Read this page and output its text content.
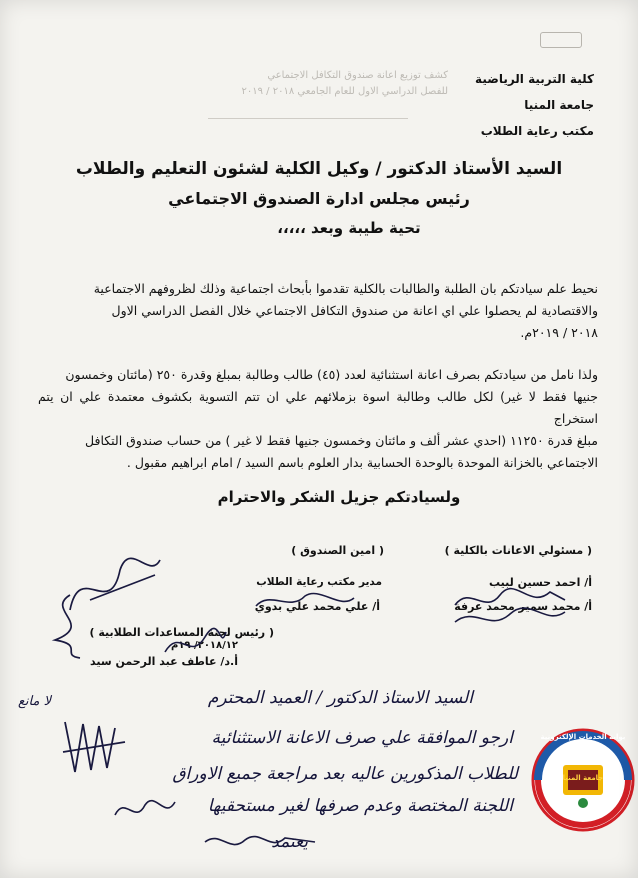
كشف توزيع اعانة صندوق التكافل الاجتماعي
للفصل الدراسي الاول للعام الجامعي ٢٠١٨ / ٢٠١٩
كلية التربية الرياضية
جامعة المنيا
مكتب رعاية الطلاب
السيد الأستاذ الدكتور / وكيل الكلية لشئون التعليم والطلاب
رئيس مجلس ادارة الصندوق الاجتماعي
تحية طيبة وبعد ،،،،،

نحيط علم سيادتكم بان الطلبة والطالبات بالكلية تقدموا بأبحاث اجتماعية وذلك لظروفهم الاجتماعية

والاقتصادية لم يحصلوا علي اي اعانة من صندوق التكافل الاجتماعي خلال الفصل الدراسي الاول

٢٠١٨ / ٢٠١٩م.

ولذا نامل من سيادتكم بصرف اعانة استثنائية لعدد (٤٥) طالب وطالبة بمبلغ وقدرة ٢٥٠ (مائتان وخمسون

جنيها فقط لا غير) لكل طالب وطالبة اسوة بزملائهم علي ان تتم التسوية بكشوف معتمدة علي ان يتم استخراج

مبلغ قدرة ١١٢٥٠ (احدي عشر ألف و مائتان وخمسون جنيها فقط لا غير ) من حساب صندوق التكافل

الاجتماعي بالخزانة الموحدة بالوحدة الحسابية بدار العلوم باسم السيد / امام ابراهيم مقبول .

ولسيادتكم جزيل الشكر والاحترام
( مسئولي الاعانات بالكلية )
( امين الصندوق )
أ/ احمد حسين لبيب
مدير مكتب رعاية الطلاب
أ/ محمد سمير محمد عرفة
أ/ علي محمد علي بدوي
( رئيس لجنة المساعدات الطلابية )
٢٠١٨/١٢/ ١٩م
أ.د/ عاطف عبد الرحمن سيد
السيد الاستاذ الدكتور / العميد المحترم
ارجو الموافقة علي صرف الاعانة الاستثنائية
للطلاب المذكورين عاليه بعد مراجعة جميع الاوراق
اللجنة المختصة وعدم صرفها لغير مستحقيها
يعتمد
لا مانع
بوابة الخدمات الإلكترونية
جامعة المنيا
